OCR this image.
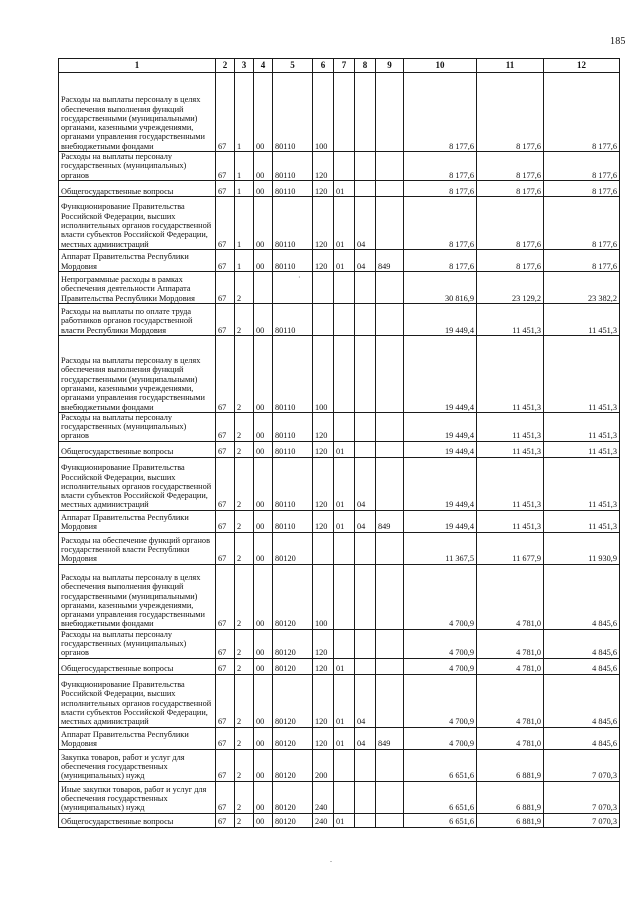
185
1	2	3	4	5	6	7	8	9	10	11	12
Расходы на выплаты персоналу в целях обеспечения выполнения функций государственными (муниципальными) органами, казенными учреждениями, органами управления государственными внебюджетными фондами	67	1	00	80110	100				8 177,6	8 177,6	8 177,6
Расходы на выплаты персоналу государственных (муниципальных) органов	67	1	00	80110	120				8 177,6	8 177,6	8 177,6
Общегосударственные вопросы	67	1	00	80110	120	01			8 177,6	8 177,6	8 177,6
Функционирование Правительства Российской Федерации, высших исполнительных органов государственной власти субъектов Российской Федерации, местных администраций	67	1	00	80110	120	01	04		8 177,6	8 177,6	8 177,6
Аппарат Правительства Республики Мордовия	67	1	00	80110	120	01	04	849	8 177,6	8 177,6	8 177,6
Непрограммные расходы в рамках обеспечения деятельности Аппарата Правительства Республики Мордовия	67	2							30 816,9	23 129,2	23 382,2
Расходы на выплаты по оплате труда работников органов государственной власти Республики Мордовия	67	2	00	80110					19 449,4	11 451,3	11 451,3
Расходы на выплаты персоналу в целях обеспечения выполнения функций государственными (муниципальными) органами, казенными учреждениями, органами управления государственными внебюджетными фондами	67	2	00	80110	100				19 449,4	11 451,3	11 451,3
Расходы на выплаты персоналу государственных (муниципальных) органов	67	2	00	80110	120				19 449,4	11 451,3	11 451,3
Общегосударственные вопросы	67	2	00	80110	120	01			19 449,4	11 451,3	11 451,3
Функционирование Правительства Российской Федерации, высших исполнительных органов государственной власти субъектов Российской Федерации, местных администраций	67	2	00	80110	120	01	04		19 449,4	11 451,3	11 451,3
Аппарат Правительства Республики Мордовия	67	2	00	80110	120	01	04	849	19 449,4	11 451,3	11 451,3
Расходы на обеспечение функций органов государственной власти Республики Мордовия	67	2	00	80120					11 367,5	11 677,9	11 930,9
Расходы на выплаты персоналу в целях обеспечения выполнения функций государственными (муниципальными) органами, казенными учреждениями, органами управления государственными внебюджетными фондами	67	2	00	80120	100				4 700,9	4 781,0	4 845,6
Расходы на выплаты персоналу государственных (муниципальных) органов	67	2	00	80120	120				4 700,9	4 781,0	4 845,6
Общегосударственные вопросы	67	2	00	80120	120	01			4 700,9	4 781,0	4 845,6
Функционирование Правительства Российской Федерации, высших исполнительных органов государственной власти субъектов Российской Федерации, местных администраций	67	2	00	80120	120	01	04		4 700,9	4 781,0	4 845,6
Аппарат Правительства Республики Мордовия	67	2	00	80120	120	01	04	849	4 700,9	4 781,0	4 845,6
Закупка товаров, работ и услуг для обеспечения государственных (муниципальных) нужд	67	2	00	80120	200				6 651,6	6 881,9	7 070,3
Иные закупки товаров, работ и услуг для обеспечения государственных (муниципальных) нужд	67	2	00	80120	240				6 651,6	6 881,9	7 070,3
Общегосударственные вопросы	67	2	00	80120	240	01			6 651,6	6 881,9	7 070,3
·
.
